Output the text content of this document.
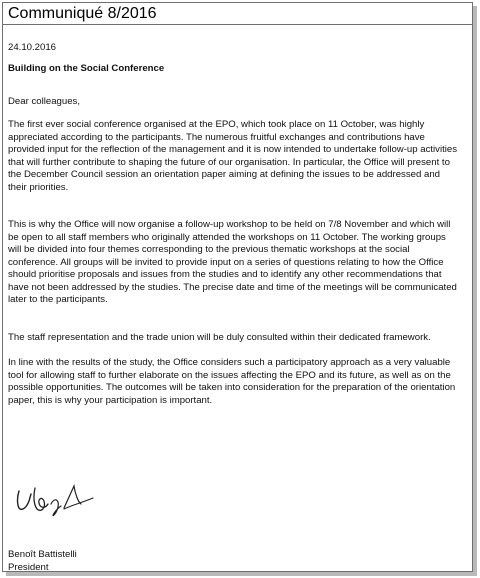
Communiqué 8/2016
24.10.2016
Building on the Social Conference
Dear colleagues,

The first ever social conference organised at the EPO, which took place on 11 October, was highly appreciated according to the participants. The numerous fruitful exchanges and contributions have provided input for the reflection of the management and it is now intended to undertake follow-up activities that will further contribute to shaping the future of our organisation. In particular, the Office will present to the December Council session an orientation paper aiming at defining the issues to be addressed and their priorities.

This is why the Office will now organise a follow-up workshop to be held on 7/8 November and which will be open to all staff members who originally attended the workshops on 11 October. The working groups will be divided into four themes corresponding to the previous thematic workshops at the social conference. All groups will be invited to provide input on a series of questions relating to how the Office should prioritise proposals and issues from the studies and to identify any other recommendations that have not been addressed by the studies. The precise date and time of the meetings will be communicated later to the participants.

The staff representation and the trade union will be duly consulted within their dedicated framework.

In line with the results of the study, the Office considers such a participatory approach as a very valuable tool for allowing staff to further elaborate on the issues affecting the EPO and its future, as well as on the possible opportunities. The outcomes will be taken into consideration for the preparation of the orientation paper, this is why your participation is important.

Benoît Battistelli
President
